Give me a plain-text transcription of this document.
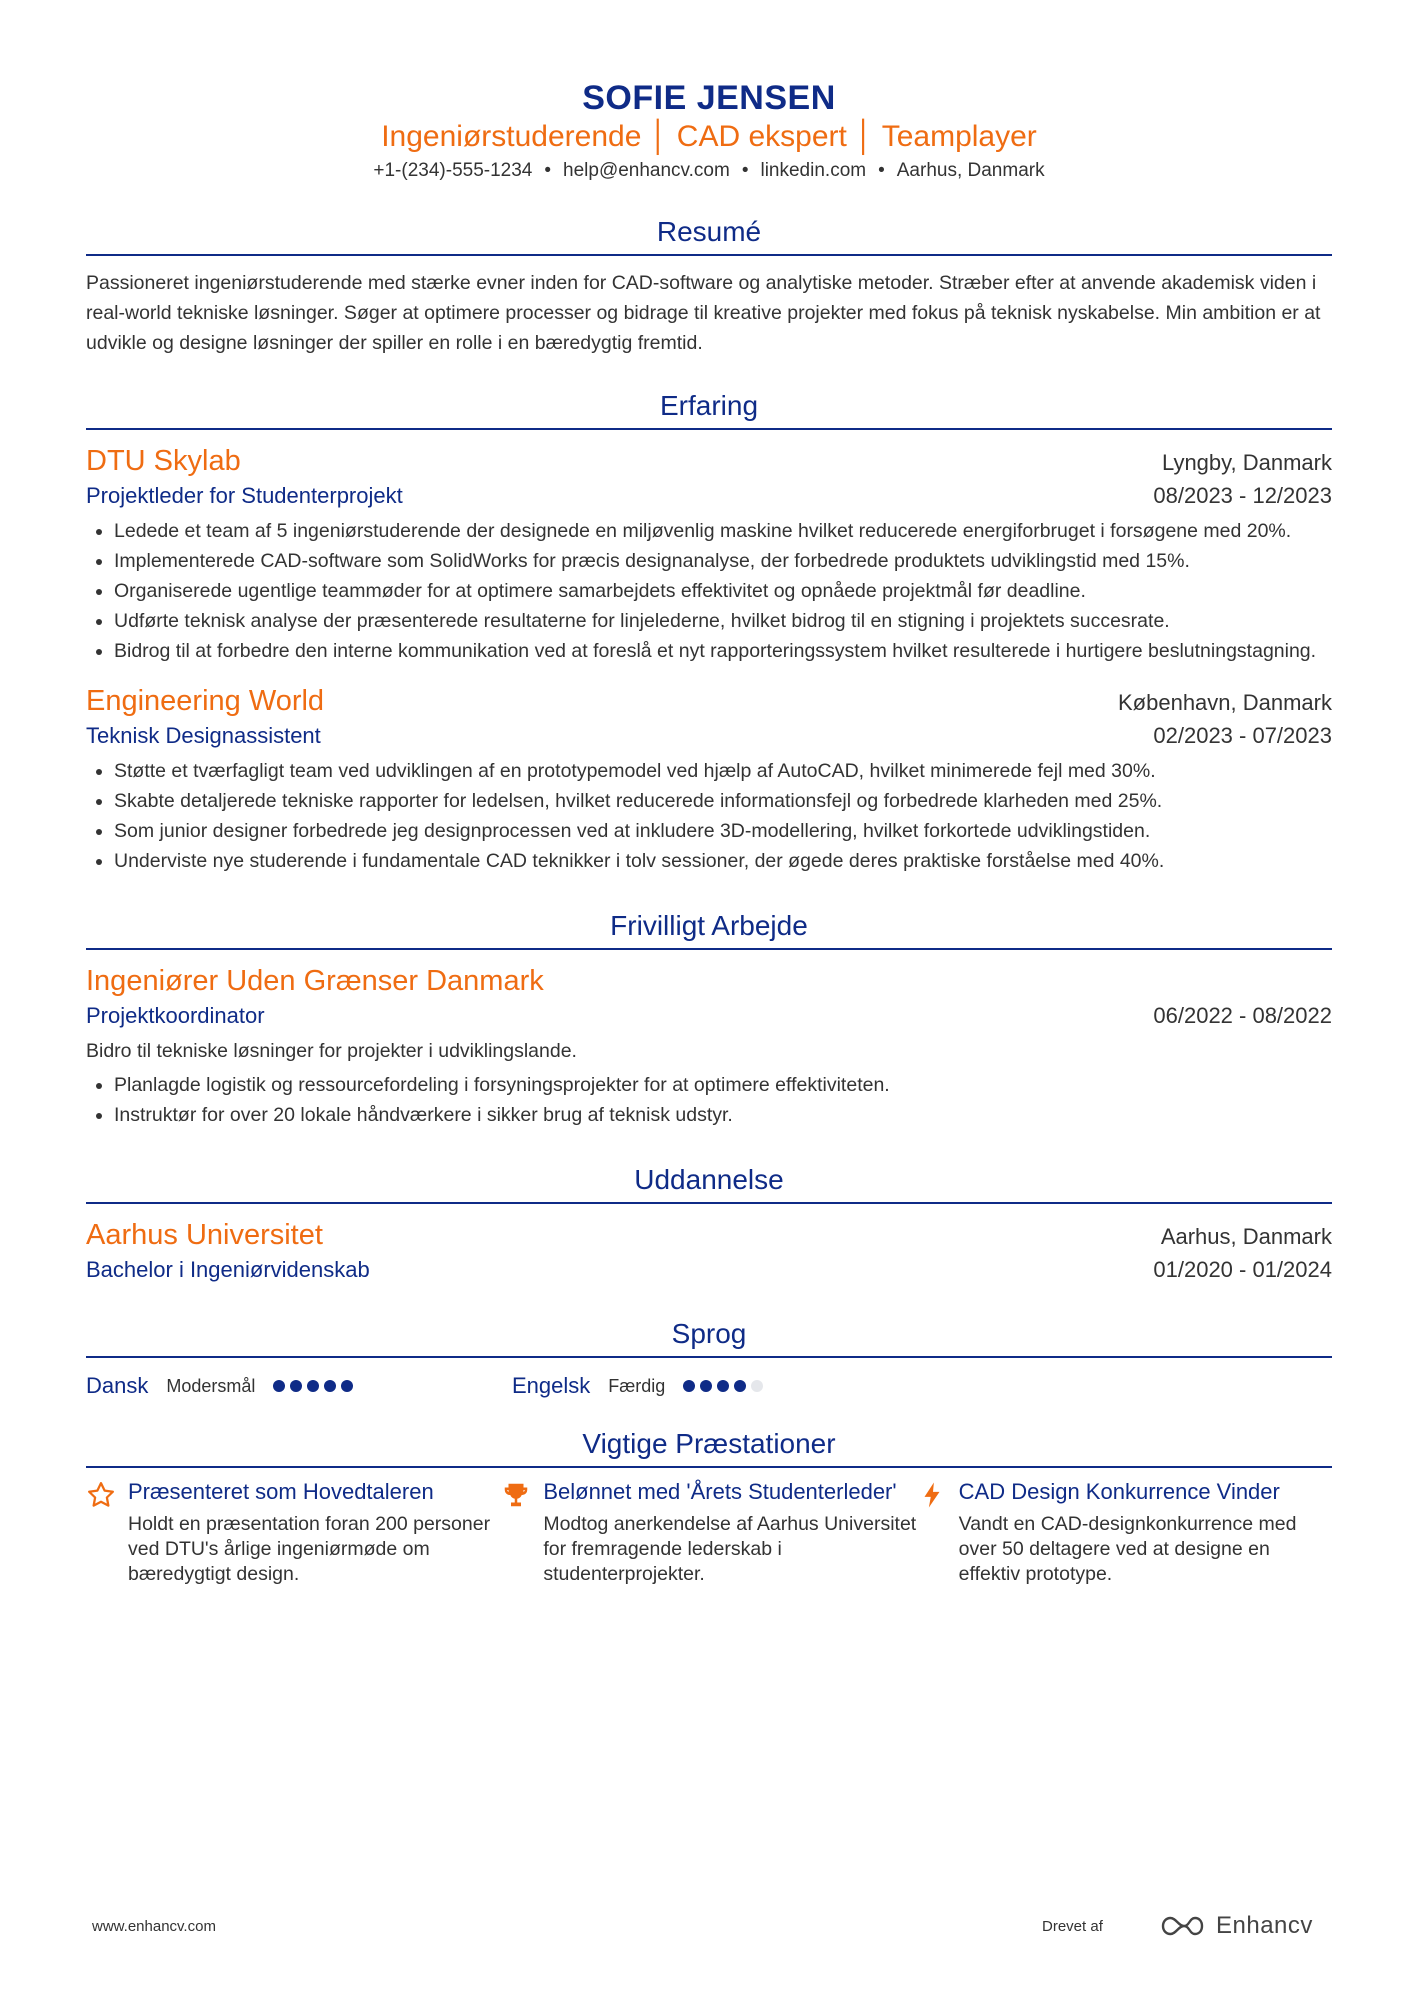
SOFIE JENSEN
Ingeniørstuderende │ CAD ekspert │ Teamplayer
+1-(234)-555-1234 • help@enhancv.com • linkedin.com • Aarhus, Danmark
Resumé
Passioneret ingeniørstuderende med stærke evner inden for CAD-software og analytiske metoder. Stræber efter at anvende akademisk viden i real-world tekniske løsninger. Søger at optimere processer og bidrage til kreative projekter med fokus på teknisk nyskabelse. Min ambition er at udvikle og designe løsninger der spiller en rolle i en bæredygtig fremtid.
Erfaring
DTU Skylab	Lyngby, Danmark
Projektleder for Studenterprojekt	08/2023 - 12/2023
• Ledede et team af 5 ingeniørstuderende der designede en miljøvenlig maskine hvilket reducerede energiforbruget i forsøgene med 20%.
• Implementerede CAD-software som SolidWorks for præcis designanalyse, der forbedrede produktets udviklingstid med 15%.
• Organiserede ugentlige teammøder for at optimere samarbejdets effektivitet og opnåede projektmål før deadline.
• Udførte teknisk analyse der præsenterede resultaterne for linjelederne, hvilket bidrog til en stigning i projektets succesrate.
• Bidrog til at forbedre den interne kommunikation ved at foreslå et nyt rapporteringssystem hvilket resulterede i hurtigere beslutningstagning.
Engineering World	København, Danmark
Teknisk Designassistent	02/2023 - 07/2023
• Støtte et tværfagligt team ved udviklingen af en prototypemodel ved hjælp af AutoCAD, hvilket minimerede fejl med 30%.
• Skabte detaljerede tekniske rapporter for ledelsen, hvilket reducerede informationsfejl og forbedrede klarheden med 25%.
• Som junior designer forbedrede jeg designprocessen ved at inkludere 3D-modellering, hvilket forkortede udviklingstiden.
• Underviste nye studerende i fundamentale CAD teknikker i tolv sessioner, der øgede deres praktiske forståelse med 40%.
Frivilligt Arbejde
Ingeniører Uden Grænser Danmark
Projektkoordinator	06/2022 - 08/2022
Bidro til tekniske løsninger for projekter i udviklingslande.
• Planlagde logistik og ressourcefordeling i forsyningsprojekter for at optimere effektiviteten.
• Instruktør for over 20 lokale håndværkere i sikker brug af teknisk udstyr.
Uddannelse
Aarhus Universitet	Aarhus, Danmark
Bachelor i Ingeniørvidenskab	01/2020 - 01/2024
Sprog
Dansk Modersmål	Engelsk Færdig
Vigtige Præstationer
Præsenteret som Hovedtaleren
Holdt en præsentation foran 200 personer ved DTU's årlige ingeniørmøde om bæredygtigt design.
Belønnet med 'Årets Studenterleder'
Modtog anerkendelse af Aarhus Universitet for fremragende lederskab i studenterprojekter.
CAD Design Konkurrence Vinder
Vandt en CAD-designkonkurrence med over 50 deltagere ved at designe en effektiv prototype.
www.enhancv.com	Drevet af	Enhancv
